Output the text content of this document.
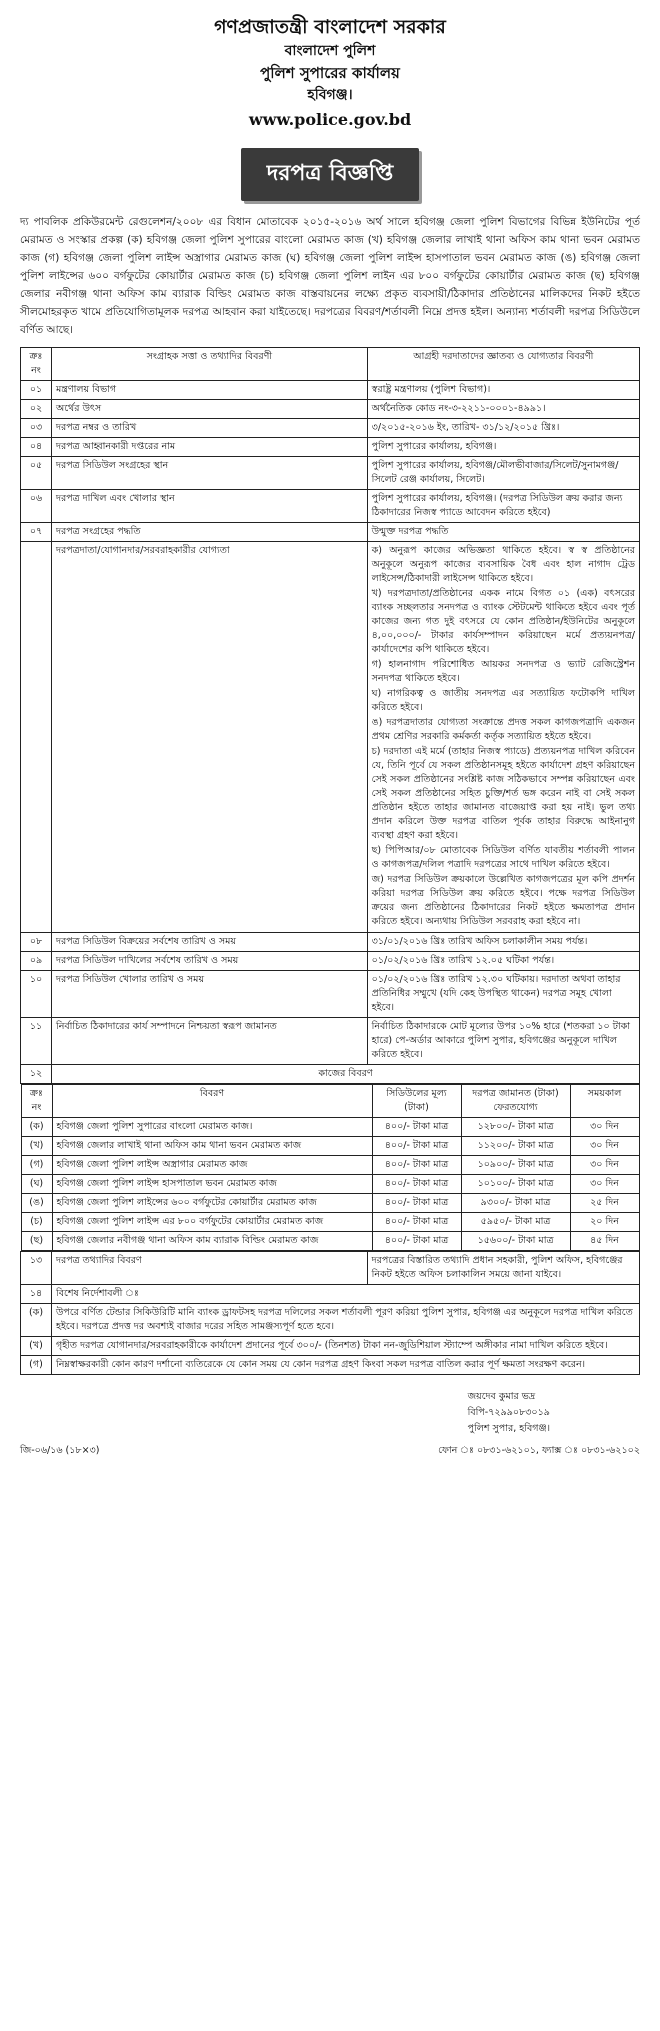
গণপ্রজাতন্ত্রী বাংলাদেশ সরকার
বাংলাদেশ পুলিশ
পুলিশ সুপারের কার্যালয়
হবিগঞ্জ।
www.police.gov.bd
দরপত্র বিজ্ঞপ্তি

দ্য পাবলিক প্রকিউরমেন্ট রেগুলেশন/২০০৮ এর বিধান মোতাবেক ২০১৫-২০১৬ অর্থ সালে হবিগঞ্জ জেলা পুলিশ বিভাগের বিভিন্ন ইউনিটের পূর্ত মেরামত ও সংস্কার প্রকল্প (ক) হবিগঞ্জ জেলা পুলিশ সুপারের বাংলো মেরামত কাজ (খ) হবিগঞ্জ জেলার লাখাই থানা অফিস কাম থানা ভবন মেরামত কাজ (গ) হবিগঞ্জ জেলা পুলিশ লাইন্স অস্ত্রাগার মেরামত কাজ (ঘ) হবিগঞ্জ জেলা পুলিশ লাইন্স হাসপাতাল ভবন মেরামত কাজ (ঙ) হবিগঞ্জ জেলা পুলিশ লাইন্সের ৬০০ বর্গফুটের কোয়ার্টার মেরামত কাজ (চ) হবিগঞ্জ জেলা পুলিশ লাইন এর ৮০০ বর্গফুটের কোয়ার্টার মেরামত কাজ (ছ) হবিগঞ্জ জেলার নবীগঞ্জ থানা অফিস কাম ব্যারাক বিল্ডিং মেরামত কাজ বাস্তবায়নের লক্ষ্যে প্রকৃত ব্যবসায়ী/ঠিকাদার প্রতিষ্ঠানের মালিকদের নিকট হইতে সীলমোহরকৃত খামে প্রতিযোগিতামূলক দরপত্র আহবান করা যাইতেছে। দরপত্রের বিবরণ/শর্তাবলী নিম্নে প্রদত্ত হইল। অন্যান্য শর্তাবলী দরপত্র সিডিউলে বর্ণিত আছে।

ক্রঃ নং	সংগ্রাহক সত্তা ও তথ্যাদির বিবরণী	আগ্রহী দরদাতাদের জ্ঞাতব্য ও যোগ্যতার বিবরণী
০১	মন্ত্রণালয় বিভাগ	স্বরাষ্ট্র মন্ত্রণালয় (পুলিশ বিভাগ)।
০২	অর্থের উৎস	অর্থনৈতিক কোড নং-৩-২২১১-০০০১-৪৯৯১।
০৩	দরপত্র নম্বর ও তারিখ	৩/২০১৫-২০১৬ ইং, তারিখ- ৩১/১২/২০১৫ খ্রিঃ।
০৪	দরপত্র আহ্বানকারী দপ্তরের নাম	পুলিশ সুপারের কার্যালয়, হবিগঞ্জ।
০৫	দরপত্র সিডিউল সংগ্রহের স্থান	পুলিশ সুপারের কার্যালয়, হবিগঞ্জ/মৌলভীবাজার/সিলেট/সুনামগঞ্জ/সিলেট রেঞ্জ কার্যালয়, সিলেট।
০৬	দরপত্র দাখিল এবং খোলার স্থান	পুলিশ সুপারের কার্যালয়, হবিগঞ্জ। (দরপত্র সিডিউল ক্রয় করার জন্য ঠিকাদারের নিজস্ব প্যাডে আবেদন করিতে হইবে)
০৭	দরপত্র সংগ্রহের পদ্ধতি	উন্মুক্ত দরপত্র পদ্ধতি
	দরপত্রদাতা/যোগানদার/সরবরাহকারীর যোগ্যতা	ক) অনুরূপ কাজের অভিজ্ঞতা থাকিতে হইবে। স্ব স্ব প্রতিষ্ঠানের অনুকূলে অনুরূপ কাজের ব্যবসায়িক বৈধ এবং হাল নাগাদ ট্রেড লাইসেন্স/ঠিকাদারী লাইসেন্স থাকিতে হইবে।
খ) দরপত্রদাতা/প্রতিষ্ঠানের একক নামে বিগত ০১ (এক) বৎসরের ব্যাংক সচ্ছলতার সনদপত্র ও ব্যাংক স্টেটমেন্ট থাকিতে হইবে এবং পূর্ত কাজের জন্য গত দুই বৎসরে যে কোন প্রতিষ্ঠান/ইউনিটের অনুকূলে ৪,০০,০০০/- টাকার কার্যসম্পাদন করিয়াছেন মর্মে প্রত্যয়নপত্র/কার্যাদেশের কপি থাকিতে হইবে।
গ) হালনাগাদ পরিশোধিত আয়কর সনদপত্র ও ভ্যাট রেজিস্ট্রেশন সনদপত্র থাকিতে হইবে।
ঘ) নাগরিকত্ব ও জাতীয় সনদপত্র এর সত্যায়িত ফটোকপি দাখিল করিতে হইবে।
ঙ) দরপত্রদাতার যোগ্যতা সংক্রান্তে প্রদত্ত সকল কাগজপত্রাদি একজন প্রথম শ্রেণির সরকারি কর্মকর্তা কর্তৃক সত্যায়িত হইতে হইবে।
চ) দরদাতা এই মর্মে (তাহার নিজস্ব প্যাডে) প্রত্যয়নপত্র দাখিল করিবেন যে, তিনি পূর্বে যে সকল প্রতিষ্ঠানসমূহ হইতে কার্যাদেশ গ্রহণ করিয়াছেন সেই সকল প্রতিষ্ঠানের সংশ্লিষ্ট কাজ সঠিকভাবে সম্পন্ন করিয়াছেন এবং সেই সকল প্রতিষ্ঠানের সহিত চুক্তি/শর্ত ভঙ্গ করেন নাই বা সেই সকল প্রতিষ্ঠান হইতে তাহার জামানত বাজেয়াপ্ত করা হয় নাই। ভুল তথ্য প্রদান করিলে উক্ত দরপত্র বাতিল পূর্বক তাহার বিরুদ্ধে আইনানুগ ব্যবস্থা গ্রহণ করা হইবে।
ছ) পিপিআর/০৮ মোতাবেক সিডিউল বর্ণিত যাবতীয় শর্তাবলী পালন ও কাগজপত্র/দলিল পত্রাদি দরপত্রের সাথে দাখিল করিতে হইবে।
জ) দরপত্র সিডিউল ক্রয়কালে উল্লেখিত কাগজপত্রের মূল কপি প্রদর্শন করিয়া দরপত্র সিডিউল ক্রয় করিতে হইবে। পক্ষে দরপত্র সিডিউল ক্রয়ের জন্য প্রতিষ্ঠানের ঠিকাদারের নিকট হইতে ক্ষমতাপত্র প্রদান করিতে হইবে। অন্যথায় সিডিউল সরবরাহ করা হইবে না।

০৮	দরপত্র সিডিউল বিক্রয়ের সর্বশেষ তারিখ ও সময়	৩১/০১/২০১৬ খ্রিঃ তারিখ অফিস চলাকালীন সময় পর্যন্ত।
০৯	দরপত্র সিডিউল দাখিলের সর্বশেষ তারিখ ও সময়	০১/০২/২০১৬ খ্রিঃ তারিখ ১২.০৫ ঘটিকা পর্যন্ত।
১০	দরপত্র সিডিউল খোলার তারিখ ও সময়	০১/০২/২০১৬ খ্রিঃ তারিখ ১২.৩০ ঘটিকায়। দরদাতা অথবা তাহার প্রতিনিধির সম্মুখে (যদি কেহ উপস্থিত থাকেন) দরপত্র সমূহ খোলা হইবে।
১১	নির্বাচিত ঠিকাদারের কার্য সম্পাদনে নিশ্চয়তা স্বরূপ জামানত	নির্বাচিত ঠিকাদারকে মোট মূল্যের উপর ১০% হারে (শতকরা ১০ টাকা হারে) পে-অর্ডার আকারে পুলিশ সুপার, হবিগঞ্জের অনুকূলে দাখিল করিতে হইবে।
১২	কাজের বিবরণ

ক্রঃ নং	বিবরণ	সিডিউলের মূল্য (টাকা)	দরপত্র জামানত (টাকা) ফেরতযোগ্য	সময়কাল
(ক)	হবিগঞ্জ জেলা পুলিশ সুপারের বাংলো মেরামত কাজ।	৪০০/- টাকা মাত্র	১২৮০০/- টাকা মাত্র	৩০ দিন
(খ)	হবিগঞ্জ জেলার লাখাই থানা অফিস কাম থানা ভবন মেরামত কাজ	৪০০/- টাকা মাত্র	১১২০০/- টাকা মাত্র	৩০ দিন
(গ)	হবিগঞ্জ জেলা পুলিশ লাইন্স অস্ত্রাগার মেরামত কাজ	৪০০/- টাকা মাত্র	১০৯০০/- টাকা মাত্র	৩০ দিন
(ঘ)	হবিগঞ্জ জেলা পুলিশ লাইন্স হাসপাতাল ভবন মেরামত কাজ	৪০০/- টাকা মাত্র	১০১০০/- টাকা মাত্র	৩০ দিন
(ঙ)	হবিগঞ্জ জেলা পুলিশ লাইন্সের ৬০০ বর্গফুটের কোয়ার্টার মেরামত কাজ	৪০০/- টাকা মাত্র	৯৩০০/- টাকা মাত্র	২৫ দিন
(চ)	হবিগঞ্জ জেলা পুলিশ লাইন্স এর ৮০০ বর্গফুটের কোয়ার্টার মেরামত কাজ	৪০০/- টাকা মাত্র	৫৯৫০/- টাকা মাত্র	২০ দিন
(ছ)	হবিগঞ্জ জেলার নবীগঞ্জ থানা অফিস কাম ব্যারাক বিল্ডিং মেরামত কাজ	৪০০/- টাকা মাত্র	১৫৬০০/- টাকা মাত্র	৪৫ দিন

১৩	দরপত্র তথ্যাদির বিবরণ	দরপত্রের বিস্তারিত তথ্যাদি প্রধান সহকারী, পুলিশ অফিস, হবিগঞ্জের নিকট হইতে অফিস চলাকালিন সময়ে জানা যাইবে।
১৪	বিশেষ নির্দেশাবলী ঃ
(ক)	উপরে বর্ণিত টেন্ডার সিকিউরিটি মানি ব্যাংক ড্রাফটসহ দরপত্র দলিলের সকল শর্তাবলী পূরণ করিয়া পুলিশ সুপার, হবিগঞ্জ এর অনুকূলে দরপত্র দাখিল করিতে হইবে। দরপত্রে প্রদত্ত দর অবশ্যই বাজার দরের সহিত সামঞ্জস্যপূর্ণ হতে হবে।
(খ)	গৃহীত দরপত্র যোগানদার/সরবরাহকারীকে কার্যাদেশ প্রদানের পূর্বে ৩০০/- (তিনশত) টাকা নন-জুডিশিয়াল স্ট্যাম্পে অঙ্গীকার নামা দাখিল করিতে হইবে।
(গ)	নিম্নস্বাক্ষরকারী কোন কারণ দর্শানো ব্যতিরেকে যে কোন সময় যে কোন দরপত্র গ্রহণ কিংবা সকল দরপত্র বাতিল করার পূর্ণ ক্ষমতা সংরক্ষণ করেন।
জয়দেব কুমার ভদ্র
বিপি-৭২৯৯০৮৩০১৯
পুলিশ সুপার, হবিগঞ্জ।
জি-০৬/১৬ (১৮×৩)	ফোন ঃ ০৮৩১-৬২১০১, ফ্যাক্স ঃ ০৮৩১-৬২১০২
